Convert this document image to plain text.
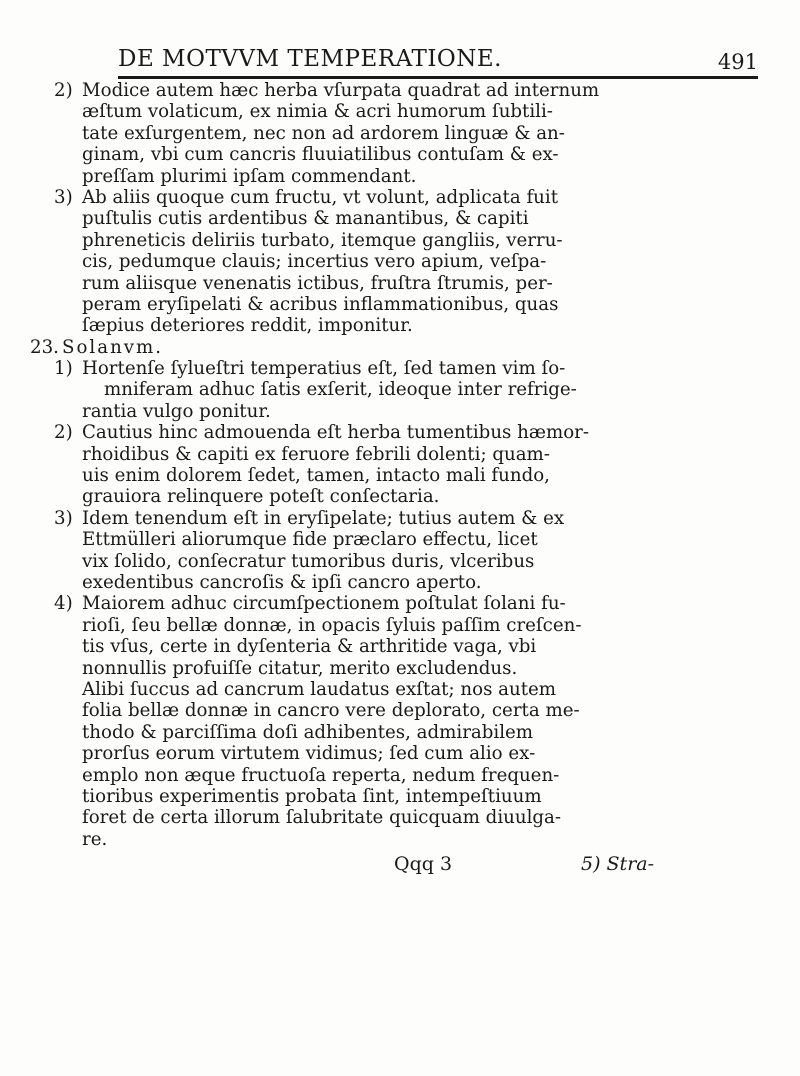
DE MOTVVM TEMPERATIONE.	491
2) Modice autem hæc herba vſurpata quadrat ad internum
æſtum volaticum, ex nimia & acri humorum ſubtili-
tate exſurgentem, nec non ad ardorem linguæ & an-
ginam, vbi cum cancris fluuiatilibus contuſam & ex-
preſſam plurimi ipſam commendant.
3) Ab aliis quoque cum fructu, vt volunt, adplicata fuit
puſtulis cutis ardentibus & manantibus, & capiti
phreneticis deliriis turbato, itemque gangliis, verru-
cis, pedumque clauis; incertius vero apium, veſpa-
rum aliisque venenatis ictibus, fruſtra ſtrumis, per-
peram eryſipelati & acribus inflammationibus, quas
ſæpius deteriores reddit, imponitur.
23. Solanvm.
1) Hortenſe ſylueſtri temperatius eſt, ſed tamen vim ſo-
mniferam adhuc ſatis exſerit, ideoque inter refrige-
rantia vulgo ponitur.
2) Cautius hinc admouenda eſt herba tumentibus hæmor-
rhoidibus & capiti ex feruore febrili dolenti; quam-
uis enim dolorem ſedet, tamen, intacto mali fundo,
grauiora relinquere poteſt conſectaria.
3) Idem tenendum eſt in eryſipelate; tutius autem & ex
Ettmülleri aliorumque fide præclaro effectu, licet
vix ſolido, conſecratur tumoribus duris, vlceribus
exedentibus cancroſis & ipſi cancro aperto.
4) Maiorem adhuc circumſpectionem poſtulat ſolani fu-
rioſi, ſeu bellæ donnæ, in opacis ſyluis paſſim creſcen-
tis vſus, certe in dyſenteria & arthritide vaga, vbi
nonnullis profuiſſe citatur, merito excludendus.
Alibi ſuccus ad cancrum laudatus exſtat; nos autem
folia bellæ donnæ in cancro vere deplorato, certa me-
thodo & parciſſima doſi adhibentes, admirabilem
prorſus eorum virtutem vidimus; ſed cum alio ex-
emplo non æque fructuoſa reperta, nedum frequen-
tioribus experimentis probata ſint, intempeſtiuum
foret de certa illorum ſalubritate quicquam diuulga-
re.
Qqq 3	5) Stra-
